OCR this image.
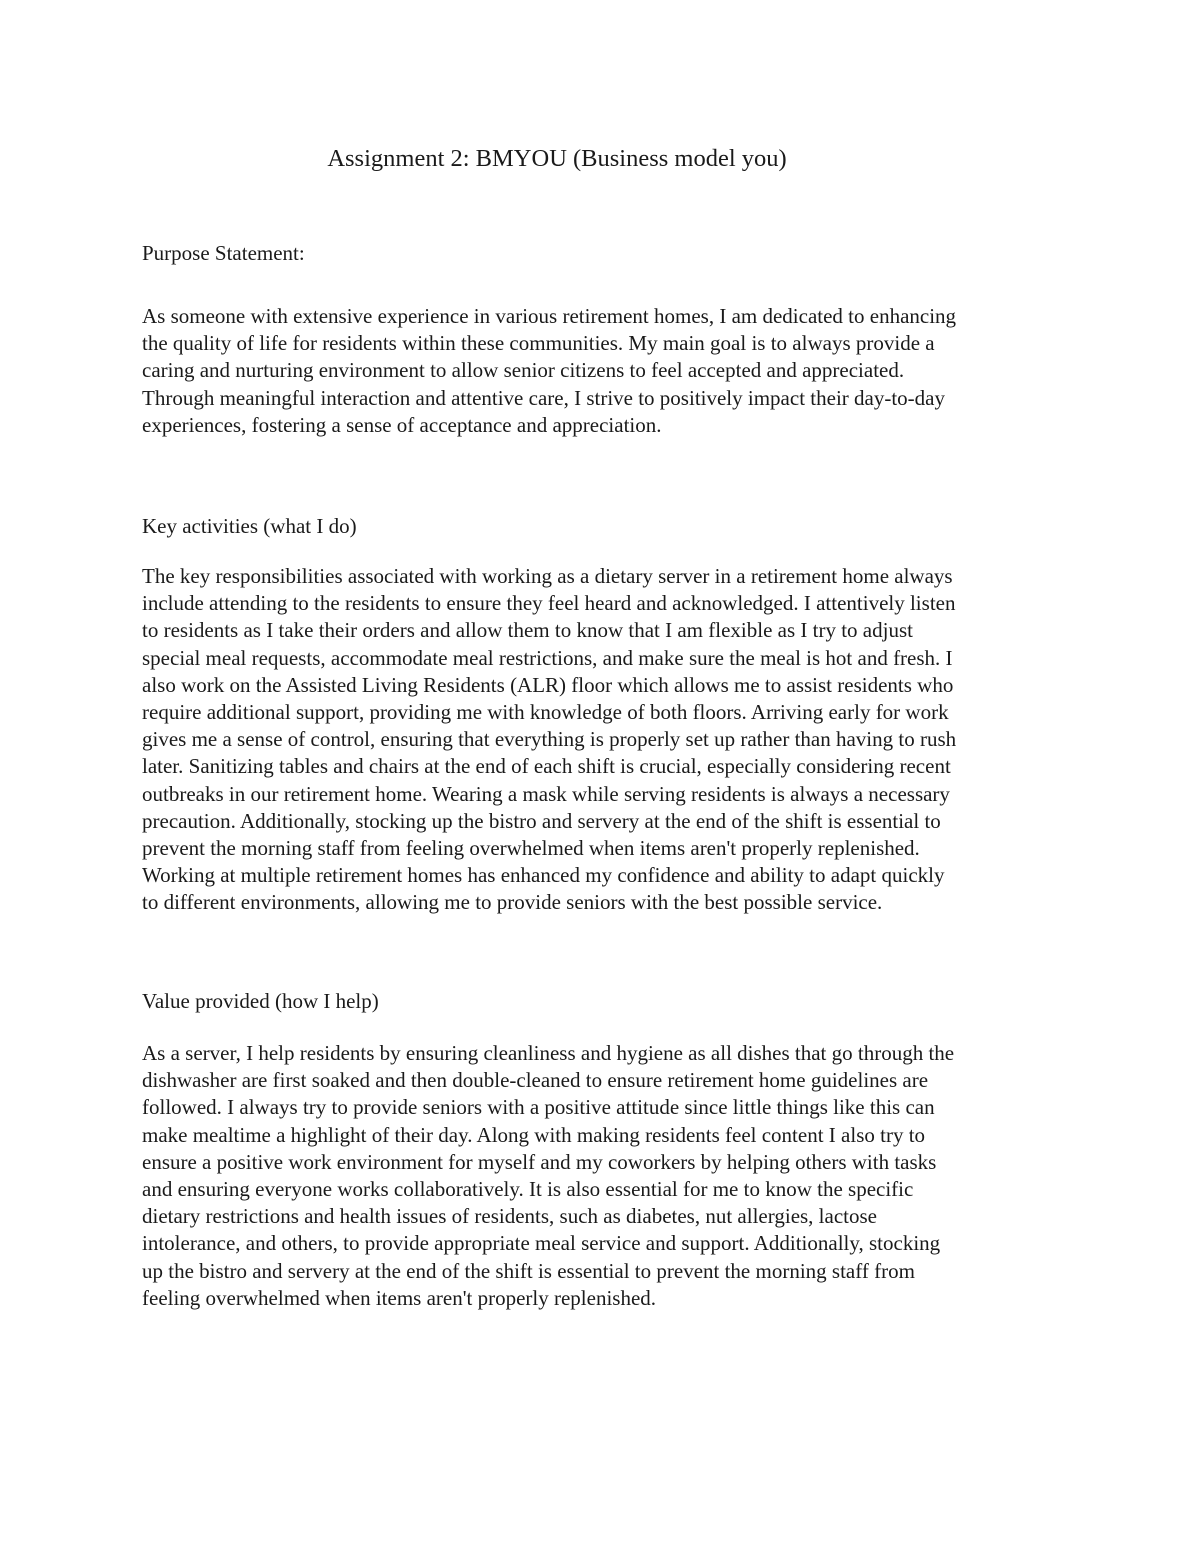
Assignment 2: BMYOU (Business model you)
Purpose Statement:
As someone with extensive experience in various retirement homes, I am dedicated to enhancing
the quality of life for residents within these communities. My main goal is to always provide a
caring and nurturing environment to allow senior citizens to feel accepted and appreciated.
Through meaningful interaction and attentive care, I strive to positively impact their day-to-day
experiences, fostering a sense of acceptance and appreciation.
Key activities (what I do)
The key responsibilities associated with working as a dietary server in a retirement home always
include attending to the residents to ensure they feel heard and acknowledged. I attentively listen
to residents as I take their orders and allow them to know that I am flexible as I try to adjust
special meal requests, accommodate meal restrictions, and make sure the meal is hot and fresh. I
also work on the Assisted Living Residents (ALR) floor which allows me to assist residents who
require additional support, providing me with knowledge of both floors. Arriving early for work
gives me a sense of control, ensuring that everything is properly set up rather than having to rush
later. Sanitizing tables and chairs at the end of each shift is crucial, especially considering recent
outbreaks in our retirement home. Wearing a mask while serving residents is always a necessary
precaution. Additionally, stocking up the bistro and servery at the end of the shift is essential to
prevent the morning staff from feeling overwhelmed when items aren't properly replenished.
Working at multiple retirement homes has enhanced my confidence and ability to adapt quickly
to different environments, allowing me to provide seniors with the best possible service.
Value provided (how I help)
As a server, I help residents by ensuring cleanliness and hygiene as all dishes that go through the
dishwasher are first soaked and then double-cleaned to ensure retirement home guidelines are
followed. I always try to provide seniors with a positive attitude since little things like this can
make mealtime a highlight of their day. Along with making residents feel content I also try to
ensure a positive work environment for myself and my coworkers by helping others with tasks
and ensuring everyone works collaboratively. It is also essential for me to know the specific
dietary restrictions and health issues of residents, such as diabetes, nut allergies, lactose
intolerance, and others, to provide appropriate meal service and support. Additionally, stocking
up the bistro and servery at the end of the shift is essential to prevent the morning staff from
feeling overwhelmed when items aren't properly replenished.
